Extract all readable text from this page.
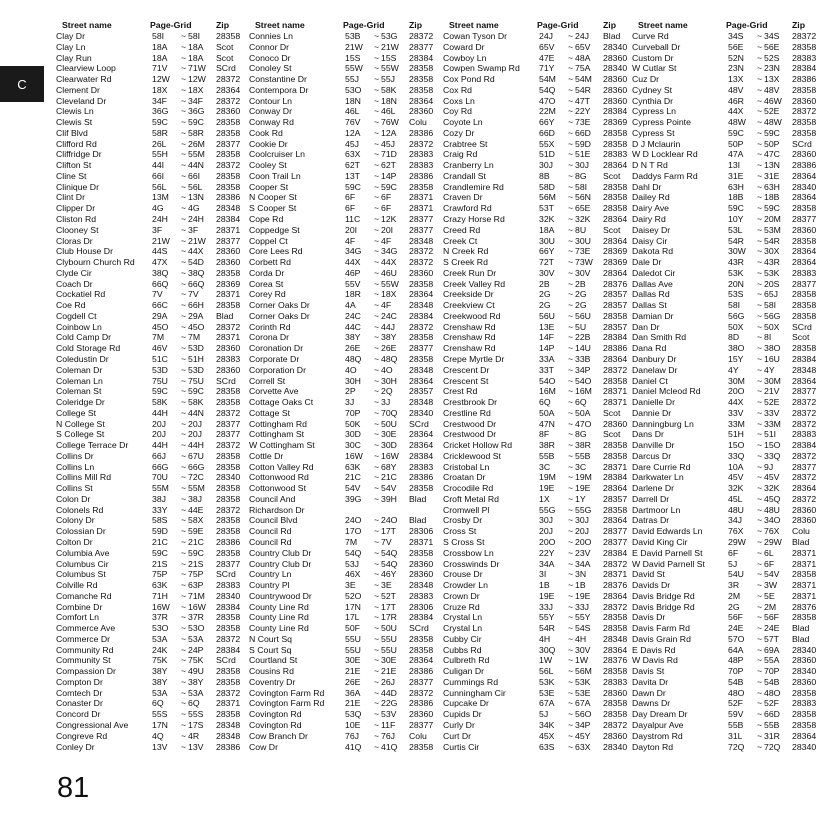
C
Street name	Page-Grid	Zip
Clay Dr	58I	~ 58I	28358
Clay Ln	18A	~ 18A	Scot
Clay Run	18A	~ 18A	Scot
Clearview Loop	71V	~ 71W	SCrd
Clearwater Rd	12W	~ 12W	28372
Clement Dr	18X	~ 18X	28364
Cleveland Dr	34F	~ 34F	28372
Clewis Ln	36G	~ 36G	28360
Clewis St	59C	~ 59C	28358
Clif Blvd	58R	~ 58R	28358
Clifford Rd	26L	~ 26M	28377
Cliffridge Dr	55H	~ 55M	28358
Clifton St	44I	~ 44N	28372
Cline St	66I	~ 66I	28358
Clinique Dr	56L	~ 56L	28358
Clint Dr	13M	~ 13N	28386
Clipper Dr	4G	~ 4G	28348
Cliston Rd	24H	~ 24H	28384
Clooney St	3F	~ 3F	28371
Cloras Dr	21W	~ 21W	28377
Club House Dr	44S	~ 44X	28360
Clybourn Church Rd	47X	~ 54D	28360
Clyde Cir	38Q	~ 38Q	28358
Coach Dr	66Q	~ 66Q	28369
Cockatiel Rd	7V	~ 7V	28371
Coe Rd	66C	~ 66H	28358
Cogdell Ct	29A	~ 29A	Blad
Coinbow Ln	45O	~ 45O	28372
Cold Camp Dr	7M	~ 7M	28371
Cold Storage Rd	46V	~ 53D	28360
Coledustin Dr	51C	~ 51H	28383
Coleman Dr	53D	~ 53D	28360
Coleman Ln	75U	~ 75U	SCrd
Coleman St	59C	~ 59C	28358
Coleridge Dr	58K	~ 58K	28358
College St	44H	~ 44N	28372
N College St	20J	~ 20J	28377
S College St	20J	~ 20J	28377
College Terrace Dr	44H	~ 44H	28372
Collins Dr	66J	~ 67U	28358
Collins Ln	66G	~ 66G	28358
Collins Mill Rd	70U	~ 72C	28340
Collins St	55M	~ 55M	28358
Colon Dr	38J	~ 38J	28358
Colonels Rd	33Y	~ 44E	28372
Colony Dr	58S	~ 58X	28358
Colossian Dr	59D	~ 59E	28358
Colton Dr	21C	~ 21C	28386
Columbia Ave	59C	~ 59C	28358
Columbus Cir	21S	~ 21S	28377
Columbus St	75P	~ 75P	SCrd
Colville Rd	63K	~ 63P	28383
Comanche Rd	71H	~ 71M	28340
Combine Dr	16W	~ 16W	28384
Comfort Ln	37R	~ 37R	28358
Commerce Ave	53O	~ 53O	28358
Commerce Dr	53A	~ 53A	28372
Community Rd	24K	~ 24P	28384
Community St	75K	~ 75K	SCrd
Compassion Dr	38Y	~ 49U	28358
Compton Dr	38Y	~ 38Y	28358
Comtech Dr	53A	~ 53A	28372
Conaster Dr	6Q	~ 6Q	28371
Concord Dr	55S	~ 55S	28358
Congressional Ave	17N	~ 17S	28348
Congreve Rd	4Q	~ 4R	28348
Conley Dr	13V	~ 13V	28386
Street name	Page-Grid	Zip
Connies Ln	53B	~ 53G	28372
Connor Dr	21W	~ 21W	28377
Conoco Dr	15S	~ 15S	28384
Conoley St	55W	~ 55W	28358
Constantine Dr	55J	~ 55J	28358
Contempora Dr	53O	~ 58K	28358
Contour Ln	18N	~ 18N	28364
Conway Dr	46L	~ 46L	28360
Conway Rd	76V	~ 76W	Colu
Cook Rd	12A	~ 12A	28386
Cookie Dr	45J	~ 45J	28372
Coolcruiser Ln	63X	~ 71D	28383
Cooley St	62T	~ 62T	28383
Coon Trail Ln	13T	~ 14P	28386
Cooper St	59C	~ 59C	28358
N Cooper St	6F	~ 6F	28371
S Cooper St	6F	~ 6F	28371
Cope Rd	11C	~ 12K	28377
Coppedge St	20I	~ 20I	28377
Coppel Ct	4F	~ 4F	28348
Core Lees Rd	34G	~ 34G	28372
Corbett Rd	44X	~ 44X	28372
Corda Dr	46P	~ 46U	28360
Corea St	55V	~ 55W	28358
Corey Rd	18R	~ 18X	28364
Corner Oaks Dr	4A	~ 4F	28348
Corner Oaks Dr	24C	~ 24C	28384
Corinth Rd	44C	~ 44J	28372
Corona Dr	38Y	~ 38Y	28358
Coronation Dr	26E	~ 26E	28377
Corporate Dr	48Q	~ 48Q	28358
Corporation Dr	4O	~ 4O	28348
Correll St	30H	~ 30H	28364
Corvette Ave	2P	~ 2Q	28357
Cottage Oaks Ct	3J	~ 3J	28348
Cottage St	70P	~ 70Q	28340
Cottingham Rd	50K	~ 50U	SCrd
Cottingham St	30D	~ 30E	28364
W Cottingham St	30C	~ 30D	28364
Cottle Dr	16W	~ 16W	28384
Cotton Valley Rd	63K	~ 68Y	28383
Cottonwood Rd	21C	~ 21C	28386
Cottonwood St	54V	~ 54V	28358
Council And	39G	~ 39H	Blad
Richardson Dr
Council Blvd	24O	~ 24O	Blad
Council Rd	17O	~ 17T	28306
Council Rd	7M	~ 7V	28371
Country Club Dr	54Q	~ 54Q	28358
Country Club Dr	53J	~ 54Q	28360
Country Ln	46X	~ 46Y	28360
Country Pl	3E	~ 3E	28348
Countrywood Dr	52O	~ 52T	28383
County Line Rd	17N	~ 17T	28306
County Line Rd	17L	~ 17R	28384
County Line Rd	50F	~ 50U	SCrd
N Court Sq	55U	~ 55U	28358
S Court Sq	55U	~ 55U	28358
Courtland St	30E	~ 30E	28364
Cousins Rd	21E	~ 21E	28386
Coventry Dr	26E	~ 26J	28377
Covington Farm Rd	36A	~ 44D	28372
Covington Farm Rd	21E	~ 22G	28386
Covington Rd	53Q	~ 53V	28360
Covington Rd	10E	~ 11F	28377
Cow Branch Dr	76J	~ 76J	Colu
Cow Dr	41Q	~ 41Q	28358
Street name	Page-Grid	Zip
Cowan Tyson Dr	24J	~ 24J	Blad
Coward Dr	65V	~ 65V	28340
Cowboy Ln	47E	~ 48A	28360
Cowpen Swamp Rd	71Y	~ 75A	28340
Cox Pond Rd	54M	~ 54M	28360
Cox Rd	54Q	~ 54R	28360
Coxs Ln	47O	~ 47T	28360
Coy Rd	22M	~ 22Y	28384
Coyote Ln	66Y	~ 73E	28369
Cozy Dr	66D	~ 66D	28358
Crabtree St	55X	~ 59D	28358
Craig Rd	51D	~ 51E	28383
Cranberry Ln	30J	~ 30J	28364
Crandall St	8B	~ 8G	Scot
Crandlemire Rd	58D	~ 58I	28358
Craven Dr	56M	~ 56N	28358
Crawford Rd	53T	~ 65E	28358
Crazy Horse Rd	32K	~ 32K	28364
Creed Rd	18A	~ 8U	Scot
Creek Ct	30U	~ 30U	28364
N Creek Rd	66Y	~ 73E	28369
S Creek Rd	72T	~ 73W	28369
Creek Run Dr	30V	~ 30V	28364
Creek Valley Rd	2B	~ 2B	28376
Creekside Dr	2G	~ 2G	28357
Creekview Ct	2G	~ 2G	28357
Creekwood Rd	56U	~ 56U	28358
Crenshaw Rd	13E	~ 5U	28357
Crenshaw Rd	14F	~ 22B	28384
Crenshaw Rd	14P	~ 14U	28386
Crepe Myrtle Dr	33A	~ 33B	28364
Crescent Dr	33T	~ 34P	28372
Crescent St	54O	~ 54O	28358
Crest Rd	16M	~ 16M	28371
Crestbrook Dr	6Q	~ 6Q	28371
Crestline Rd	50A	~ 50A	Scot
Crestwood Dr	47N	~ 47O	28360
Crestwood Dr	8F	~ 8G	Scot
Cricket Hollow Rd	38R	~ 38R	28358
Cricklewood St	55B	~ 55B	28358
Cristobal Ln	3C	~ 3C	28371
Croatan Dr	19M	~ 19M	28384
Crocodile Rd	19E	~ 19E	28364
Croft Metal Rd	1X	~ 1Y	28357
Cromwell Pl	55G	~ 55G	28358
Crosby Dr	30J	~ 30J	28364
Cross St	20J	~ 20J	28377
S Cross St	20O	~ 20O	28377
Crossbow Ln	22Y	~ 23V	28384
Crosswinds Dr	34A	~ 34A	28372
Crouse Dr	3I	~ 3N	28371
Crowder Ln	1B	~ 1B	28376
Crown Dr	19E	~ 19E	28364
Cruze Rd	33J	~ 33J	28372
Crystal Ln	55Y	~ 55Y	28358
Crystal Ln	54R	~ 54S	28358
Cubby Cir	4H	~ 4H	28348
Cubbs Rd	30Q	~ 30V	28364
Culbreth Rd	1W	~ 1W	28376
Culigan Dr	56L	~ 56M	28358
Cummings Rd	53K	~ 53K	28383
Cunningham Cir	53E	~ 53E	28360
Cupcake Dr	67A	~ 67A	28358
Cupids Dr	5J	~ 56O	28358
Curly Dr	34K	~ 34P	28372
Curt Dr	45X	~ 45Y	28360
Curtis Cir	63S	~ 63X	28340
Street name	Page-Grid	Zip
Curve Rd	34S	~ 34S	28372
Curveball Dr	56E	~ 56E	28358
Custom Dr	52N	~ 52S	28383
W Cutlar St	23N	~ 23N	28384
Cuz Dr	13X	~ 13X	28386
Cydney St	48V	~ 48V	28358
Cynthia Dr	46R	~ 46W	28360
Cypress Ln	44X	~ 52E	28372
Cypress Pointe	48W	~ 48W	28358
Cypress St	59C	~ 59C	28358
D J Mclaurin	50P	~ 50P	SCrd
W D Locklear Rd	47A	~ 47C	28360
D N T Rd	13I	~ 13N	28386
Daddys Farm Rd	31E	~ 31E	28364
Dahl Dr	63H	~ 63H	28340
Dailey Rd	18B	~ 18B	28364
Dairy Ave	59C	~ 59C	28358
Dairy Rd	10Y	~ 20M	28377
Daisey Dr	53L	~ 53M	28360
Daisy Cir	54R	~ 54R	28358
Dakota Rd	30W	~ 30X	28364
Dale Dr	43R	~ 43R	28364
Daledot Cir	53K	~ 53K	28383
Dallas Ave	20N	~ 20S	28377
Dallas Rd	53S	~ 65J	28358
Dallas St	58I	~ 58I	28358
Damian Dr	56G	~ 56G	28358
Dan Dr	50X	~ 50X	SCrd
Dan Smith Rd	8D	~ 8I	Scot
Dana Rd	38O	~ 38O	28358
Danbury Dr	15Y	~ 16U	28384
Danelaw Dr	4Y	~ 4Y	28348
Daniel Ct	30M	~ 30M	28364
Daniel Mcleod Rd	20O	~ 21V	28377
Danielle Dr	44X	~ 52E	28372
Dannie Dr	33V	~ 33V	28372
Danningburg Ln	33M	~ 33M	28372
Dans Dr	51H	~ 51I	28383
Danville Dr	15O	~ 15O	28384
Darcus Dr	33Q	~ 33Q	28372
Dare Currie Rd	10A	~ 9J	28377
Darkwater Ln	45V	~ 45V	28372
Darlene Dr	32K	~ 32K	28364
Darrell Dr	45L	~ 45Q	28372
Dartmoor Ln	48U	~ 48U	28360
Datras Dr	34J	~ 34O	28360
David Edwards Ln	76X	~ 76X	Colu
David King Cir	29W	~ 29W	Blad
E David Parnell St	6F	~ 6L	28371
W David Parnell St	5J	~ 6F	28371
David St	54U	~ 54V	28358
Davids Dr	3R	~ 3W	28371
Davis Bridge Rd	2M	~ 5E	28371
Davis Bridge Rd	2G	~ 2M	28376
Davis Dr	56F	~ 56F	28358
Davis Farm Rd	24E	~ 24E	Blad
Davis Grain Rd	57O	~ 57T	Blad
E Davis Rd	64A	~ 69A	28340
W Davis Rd	48P	~ 55A	28360
Davis St	70P	~ 70P	28340
Davita Dr	54B	~ 54B	28360
Dawn Dr	48O	~ 48O	28358
Dawns Dr	52F	~ 52F	28383
Day Dream Dr	59V	~ 66D	28358
Dayalpur Ave	55B	~ 55B	28358
Daystrom Rd	31L	~ 31R	28364
Dayton Rd	72Q	~ 72Q	28340
81
